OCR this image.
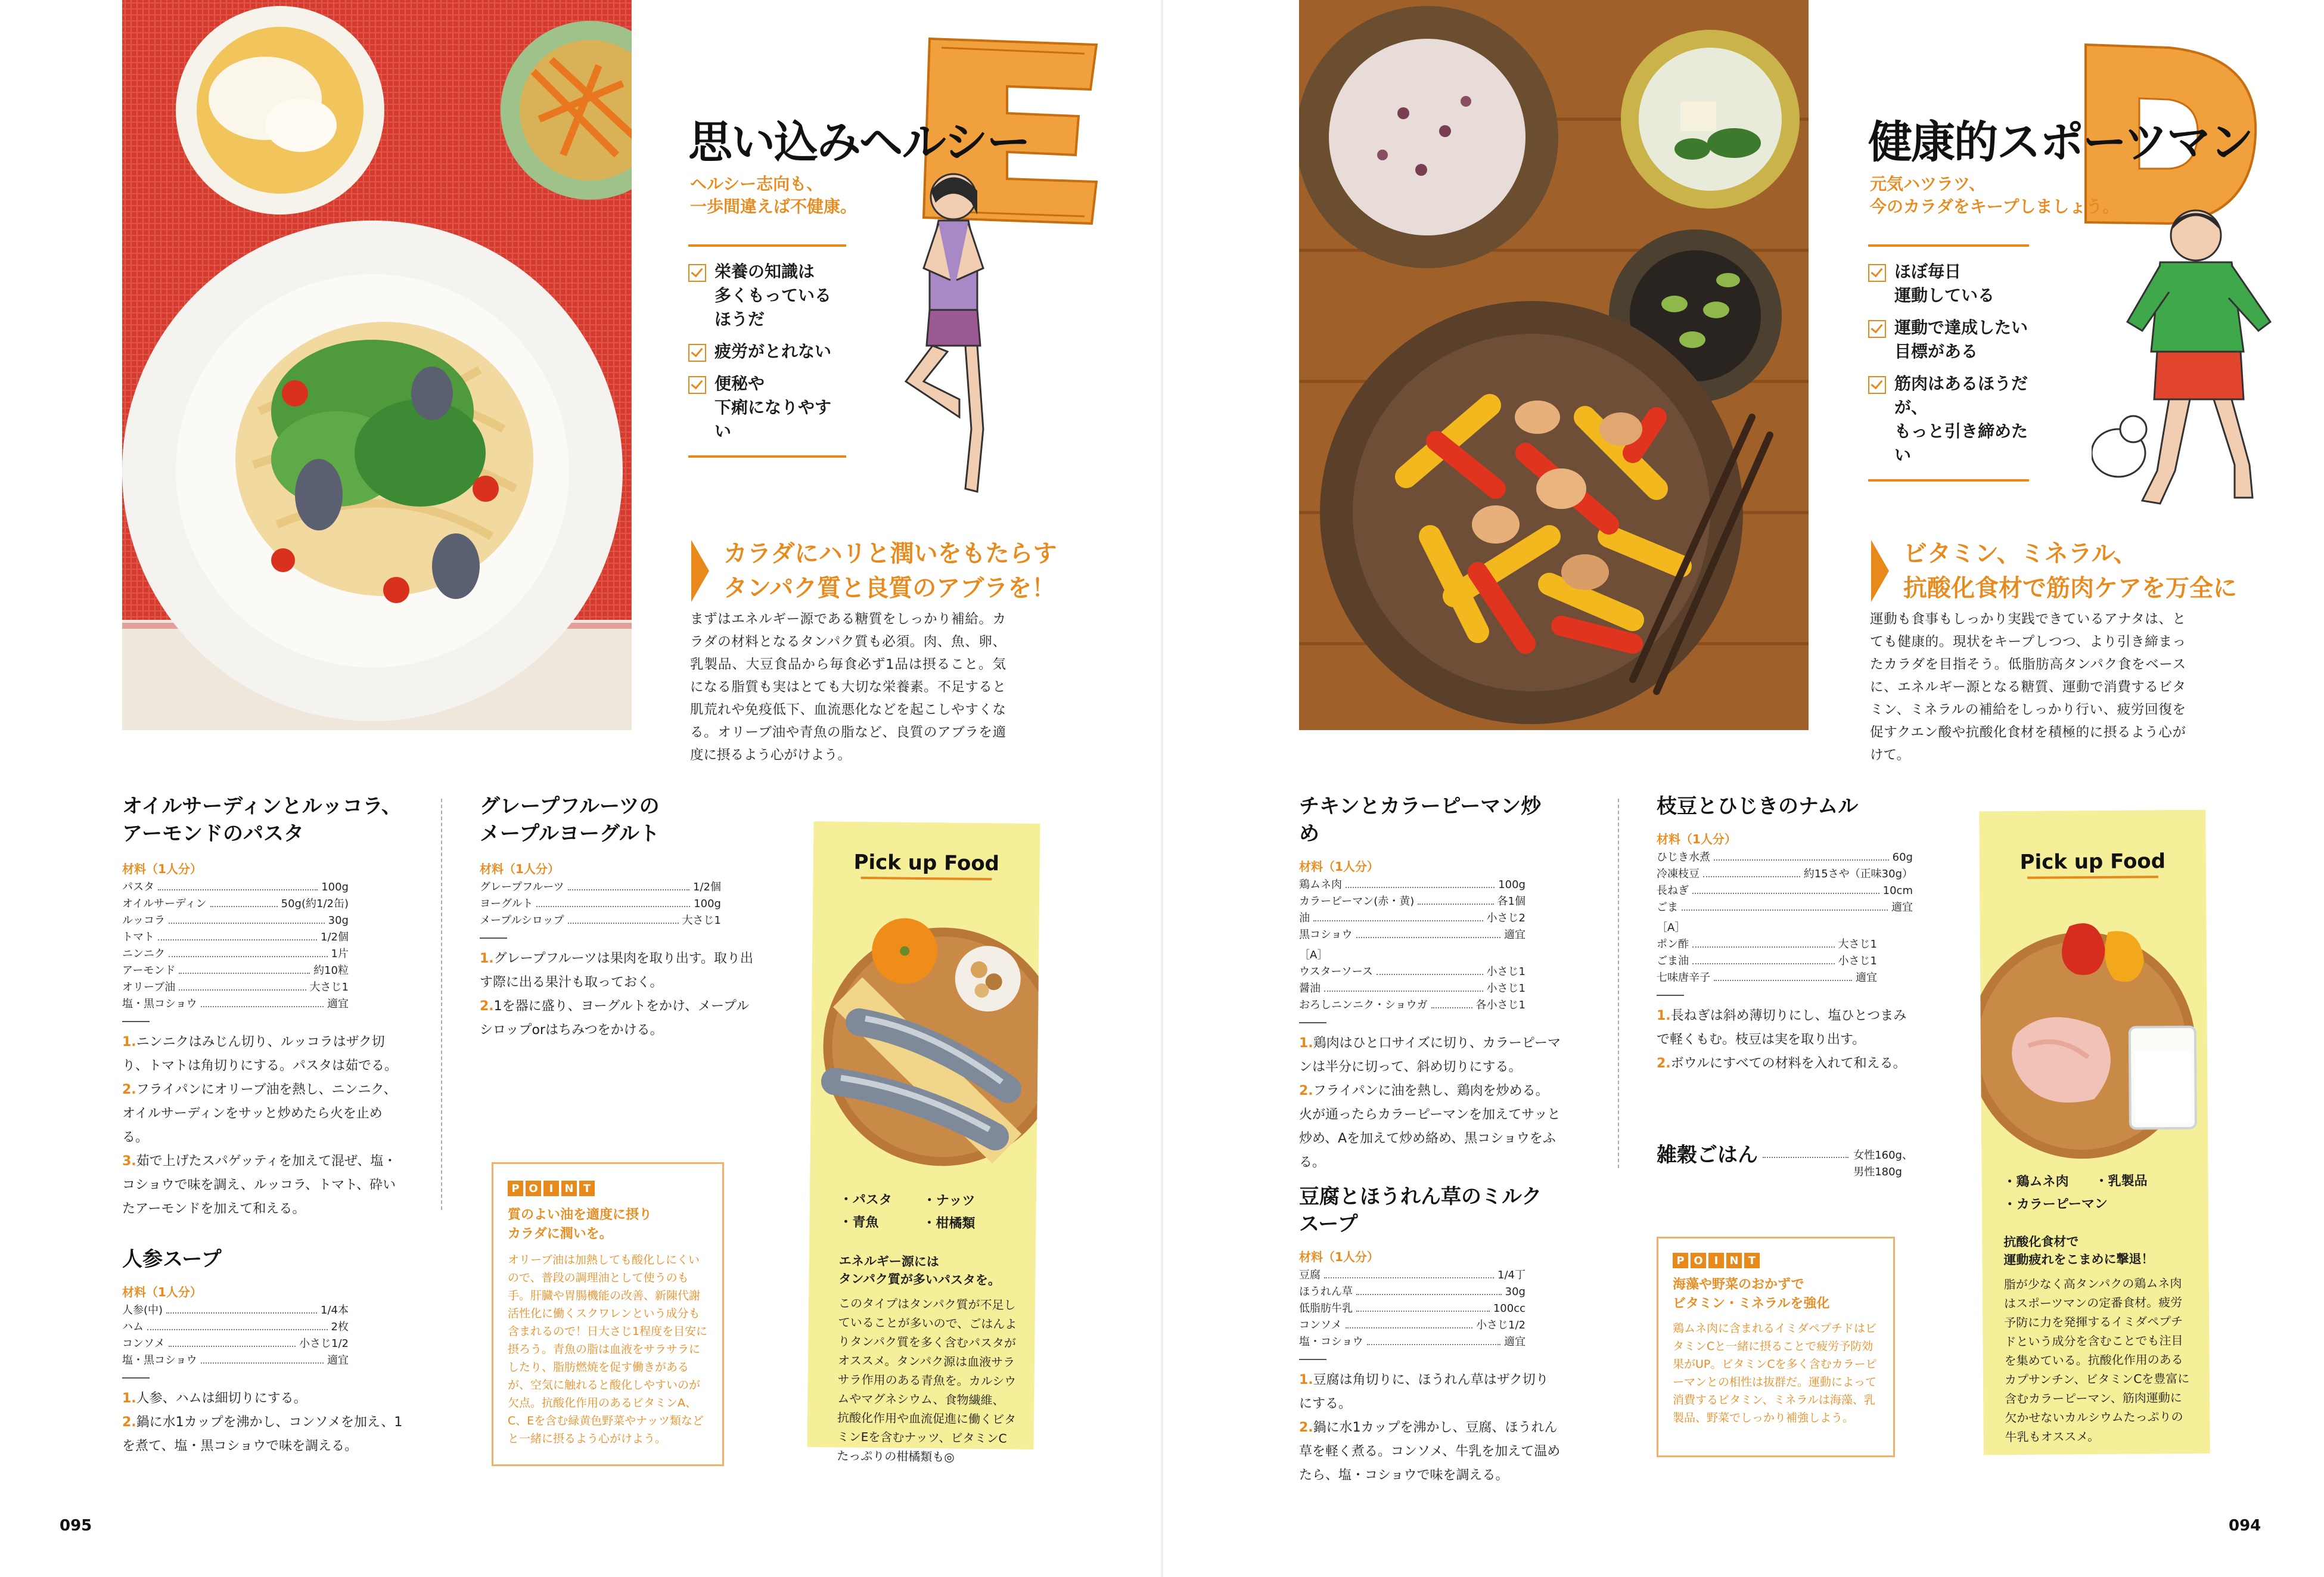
思い込みヘルシー
ヘルシー志向も、
一歩間違えば不健康。
栄養の知識は
多くもっているほうだ
疲労がとれない
便秘や
下痢になりやすい
カラダにハリと潤いをもたらす
タンパク質と良質のアブラを！
まずはエネルギー源である糖質をしっかり補給。カラダの材料となるタンパク質も必須。肉、魚、卵、乳製品、大豆食品から毎食必ず1品は摂ること。気になる脂質も実はとても大切な栄養素。不足すると肌荒れや免疫低下、血流悪化などを起こしやすくなる。オリーブ油や青魚の脂など、良質のアブラを適度に摂るよう心がけよう。
オイルサーディンとルッコラ、
アーモンドのパスタ
材料（1人分）
パスタ	100g
オイルサーディン	50g(約1/2缶)
ルッコラ	30g
トマト	1/2個
ニンニク	1片
アーモンド	約10粒
オリーブ油	大さじ1
塩・黒コショウ	適宜
1.ニンニクはみじん切り、ルッコラはザク切り、トマトは角切りにする。パスタは茹でる。
2.フライパンにオリーブ油を熱し、ニンニク、オイルサーディンをサッと炒めたら火を止める。
3.茹で上げたスパゲッティを加えて混ぜ、塩・コショウで味を調え、ルッコラ、トマト、砕いたアーモンドを加えて和える。
グレープフルーツの
メープルヨーグルト
材料（1人分）
グレープフルーツ	1/2個
ヨーグルト	100g
メープルシロップ	大さじ1
1.グレープフルーツは果肉を取り出す。取り出す際に出る果汁も取っておく。
2.1を器に盛り、ヨーグルトをかけ、メープルシロップorはちみつをかける。
人参スープ
材料（1人分）
人参(中)	1/4本
ハム	2枚
コンソメ	小さじ1/2
塩・黒コショウ	適宜
1.人参、ハムは細切りにする。
2.鍋に水1カップを沸かし、コンソメを加え、1を煮て、塩・黒コショウで味を調える。
P O	I	N T
質のよい油を適度に摂り
カラダに潤いを。
オリーブ油は加熱しても酸化しにくいので、普段の調理油として使うのも手。肝臓や胃腸機能の改善、新陳代謝活性化に働くスクワレンという成分も含まれるので！日大さじ1程度を目安に摂ろう。青魚の脂は血液をサラサラにしたり、脂肪燃焼を促す働きがあるが、空気に触れると酸化しやすいのが欠点。抗酸化作用のあるビタミンA、C、Eを含む緑黄色野菜やナッツ類などと一緒に摂るよう心がけよう。
Pick up Food
・パスタ	・ナッツ
・青魚	・柑橘類
エネルギー源には
タンパク質が多いパスタを。
このタイプはタンパク質が不足していることが多いので、ごはんよりタンパク質を多く含むパスタがオススメ。タンパク源は血液サラサラ作用のある青魚を。カルシウムやマグネシウム、食物繊維、抗酸化作用や血流促進に働くビタミンEを含むナッツ、ビタミンCたっぷりの柑橘類も◎
095
健康的スポーツマン
元気ハツラツ、
今のカラダをキープしましょう。
ほぼ毎日
運動している
運動で達成したい
目標がある
筋肉はあるほうだが、
もっと引き締めたい
ビタミン、ミネラル、
抗酸化食材で筋肉ケアを万全に
運動も食事もしっかり実践できているアナタは、とても健康的。現状をキープしつつ、より引き締まったカラダを目指そう。低脂肪高タンパク食をベースに、エネルギー源となる糖質、運動で消費するビタミン、ミネラルの補給をしっかり行い、疲労回復を促すクエン酸や抗酸化食材を積極的に摂るよう心がけて。
チキンとカラーピーマン炒め
材料（1人分）
鶏ムネ肉	100g
カラーピーマン(赤・黄)	各1個
油	小さじ2
黒コショウ	適宜
［A］
ウスターソース	小さじ1
醤油	小さじ1
おろしニンニク・ショウガ	各小さじ1
1.鶏肉はひと口サイズに切り、カラーピーマンは半分に切って、斜め切りにする。
2.フライパンに油を熱し、鶏肉を炒める。火が通ったらカラーピーマンを加えてサッと炒め、Aを加えて炒め絡め、黒コショウをふる。
枝豆とひじきのナムル
材料（1人分）
ひじき水煮	60g
冷凍枝豆	約15さや（正味30g）
長ねぎ	10cm
ごま	適宜
［A］
ポン酢	大さじ1
ごま油	小さじ1
七味唐辛子	適宜
1.長ねぎは斜め薄切りにし、塩ひとつまみで軽くもむ。枝豆は実を取り出す。
2.ボウルにすべての材料を入れて和える。
雑穀ごはん	女性160g、
男性180g
豆腐とほうれん草のミルクスープ
材料（1人分）
豆腐	1/4丁
ほうれん草	30g
低脂肪牛乳	100cc
コンソメ	小さじ1/2
塩・コショウ	適宜
1.豆腐は角切りに、ほうれん草はザク切りにする。
2.鍋に水1カップを沸かし、豆腐、ほうれん草を軽く煮る。コンソメ、牛乳を加えて温めたら、塩・コショウで味を調える。
P O	I	N T
海藻や野菜のおかずで
ビタミン・ミネラルを強化
鶏ムネ肉に含まれるイミダペプチドはビタミンCと一緒に摂ることで疲労予防効果がUP。ビタミンCを多く含むカラーピーマンとの相性は抜群だ。運動によって消費するビタミン、ミネラルは海藻、乳製品、野菜でしっかり補強しよう。
Pick up Food
・鶏ムネ肉	・乳製品
・カラーピーマン
抗酸化食材で
運動疲れをこまめに撃退！
脂が少なく高タンパクの鶏ムネ肉はスポーツマンの定番食材。疲労予防に力を発揮するイミダペプチドという成分を含むことでも注目を集めている。抗酸化作用のあるカプサンチン、ビタミンCを豊富に含むカラーピーマン、筋肉運動に欠かせないカルシウムたっぷりの牛乳もオススメ。
094
